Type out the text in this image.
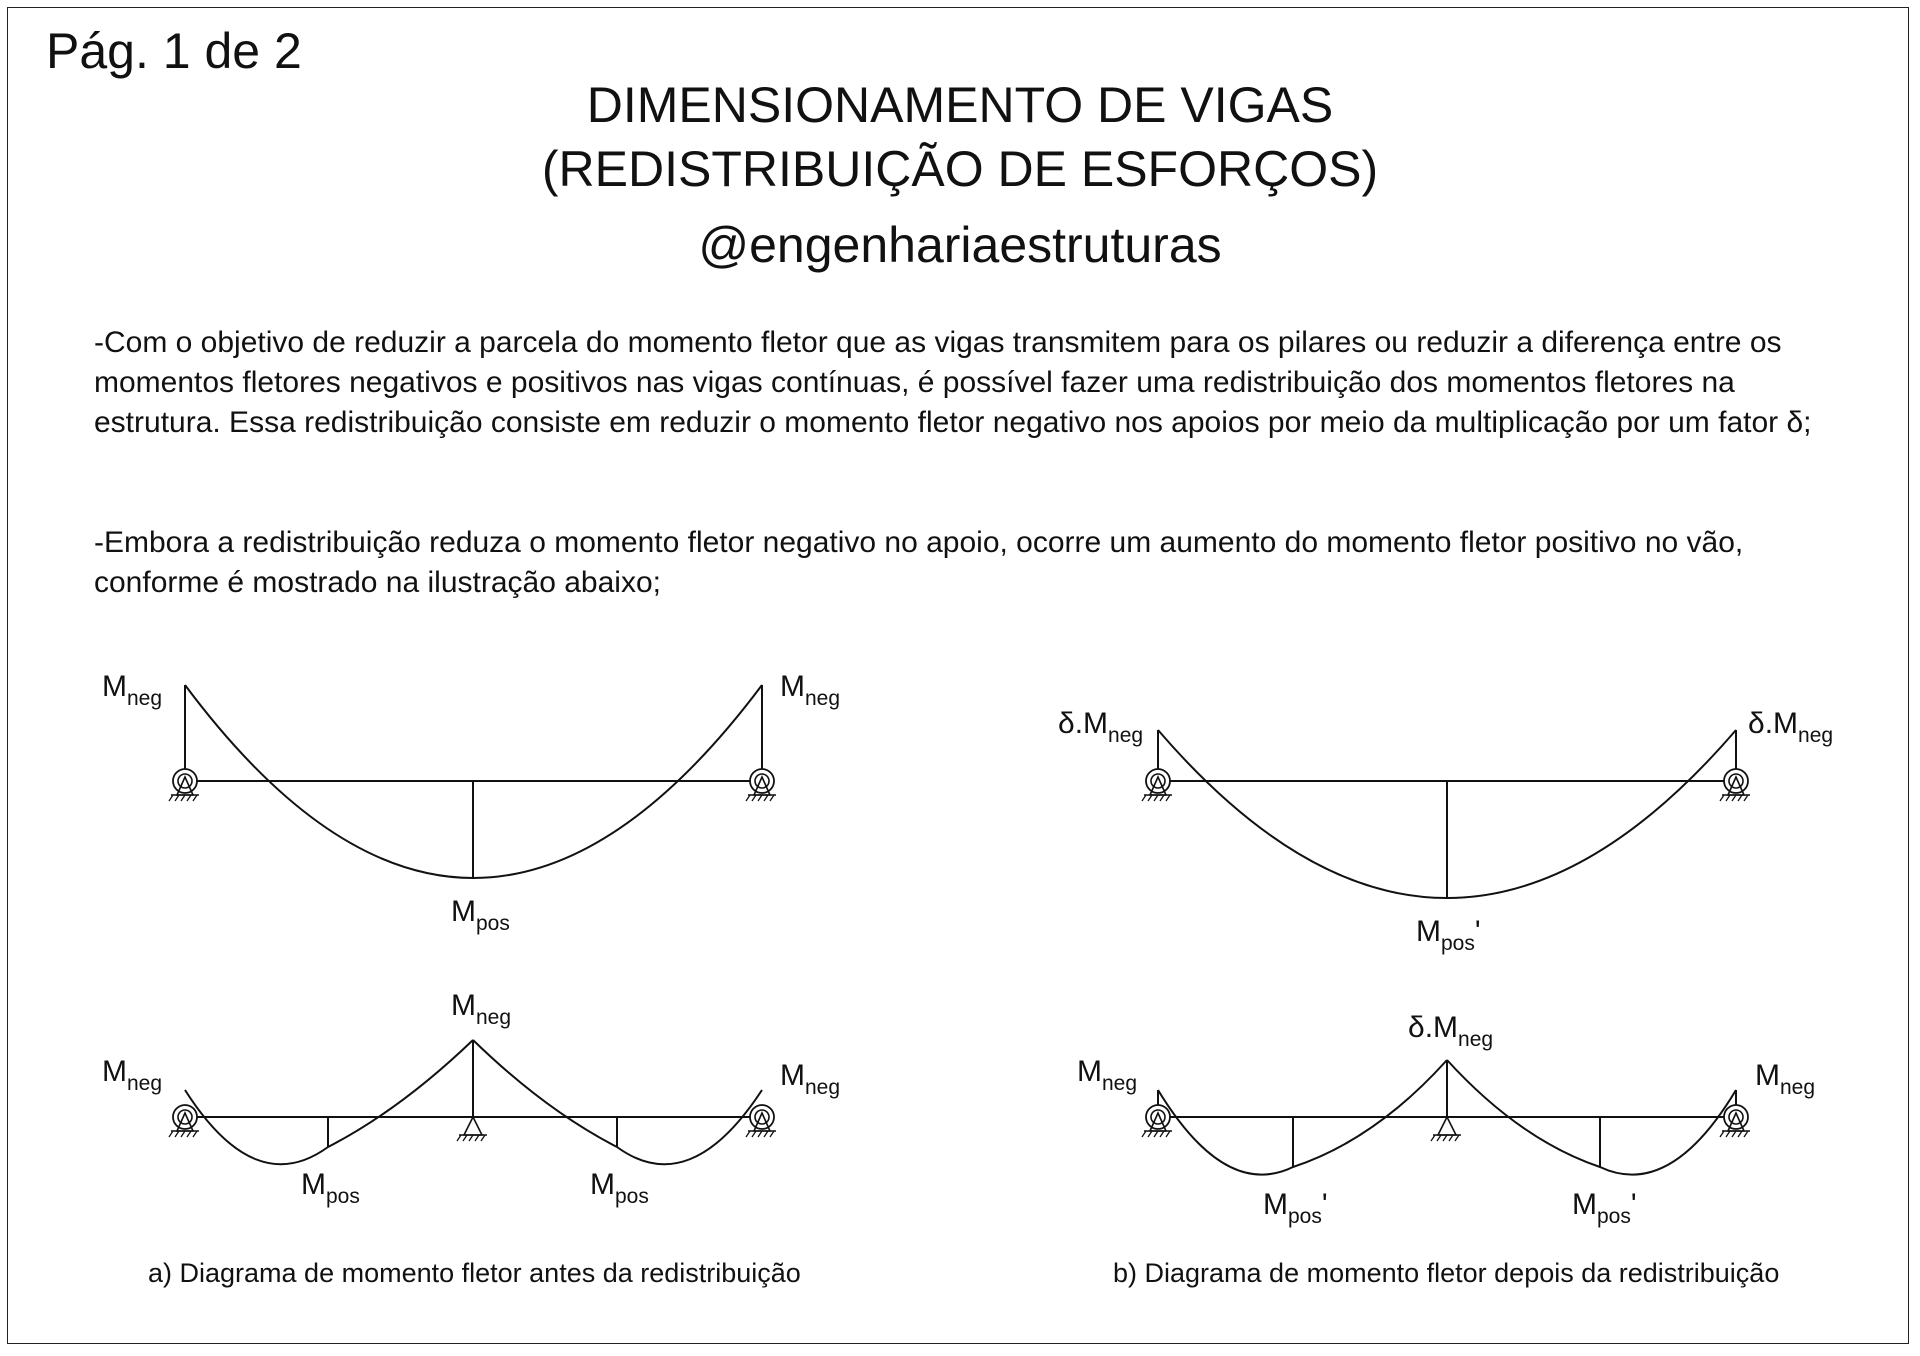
Pág. 1 de 2
DIMENSIONAMENTO DE VIGAS
(REDISTRIBUIÇÃO DE ESFORÇOS)
@engenhariaestruturas
-Com o objetivo de reduzir a parcela do momento fletor que as vigas transmitem para os pilares ou reduzir a diferença entre os momentos fletores negativos e positivos nas vigas contínuas, é possível fazer uma redistribuição dos momentos fletores na estrutura. Essa redistribuição consiste em reduzir o momento fletor negativo nos apoios por meio da multiplicação por um fator δ;
-Embora a redistribuição reduza o momento fletor negativo no apoio, ocorre um aumento do momento fletor positivo no vão, conforme é mostrado na ilustração abaixo;
$M_{neg}$	$M_{neg}$
$M_{pos}$
$\delta.M_{neg}$	$\delta.M_{neg}$
$M_{pos}'$
$M_{neg}$
$M_{neg}$	$M_{neg}$
$M_{pos}$	$M_{pos}$
$\delta.M_{neg}$
$M_{neg}$	$M_{neg}$
$M_{pos}'$	$M_{pos}'$
a) Diagrama de momento fletor antes da redistribuição	b) Diagrama de momento fletor depois da redistribuição
